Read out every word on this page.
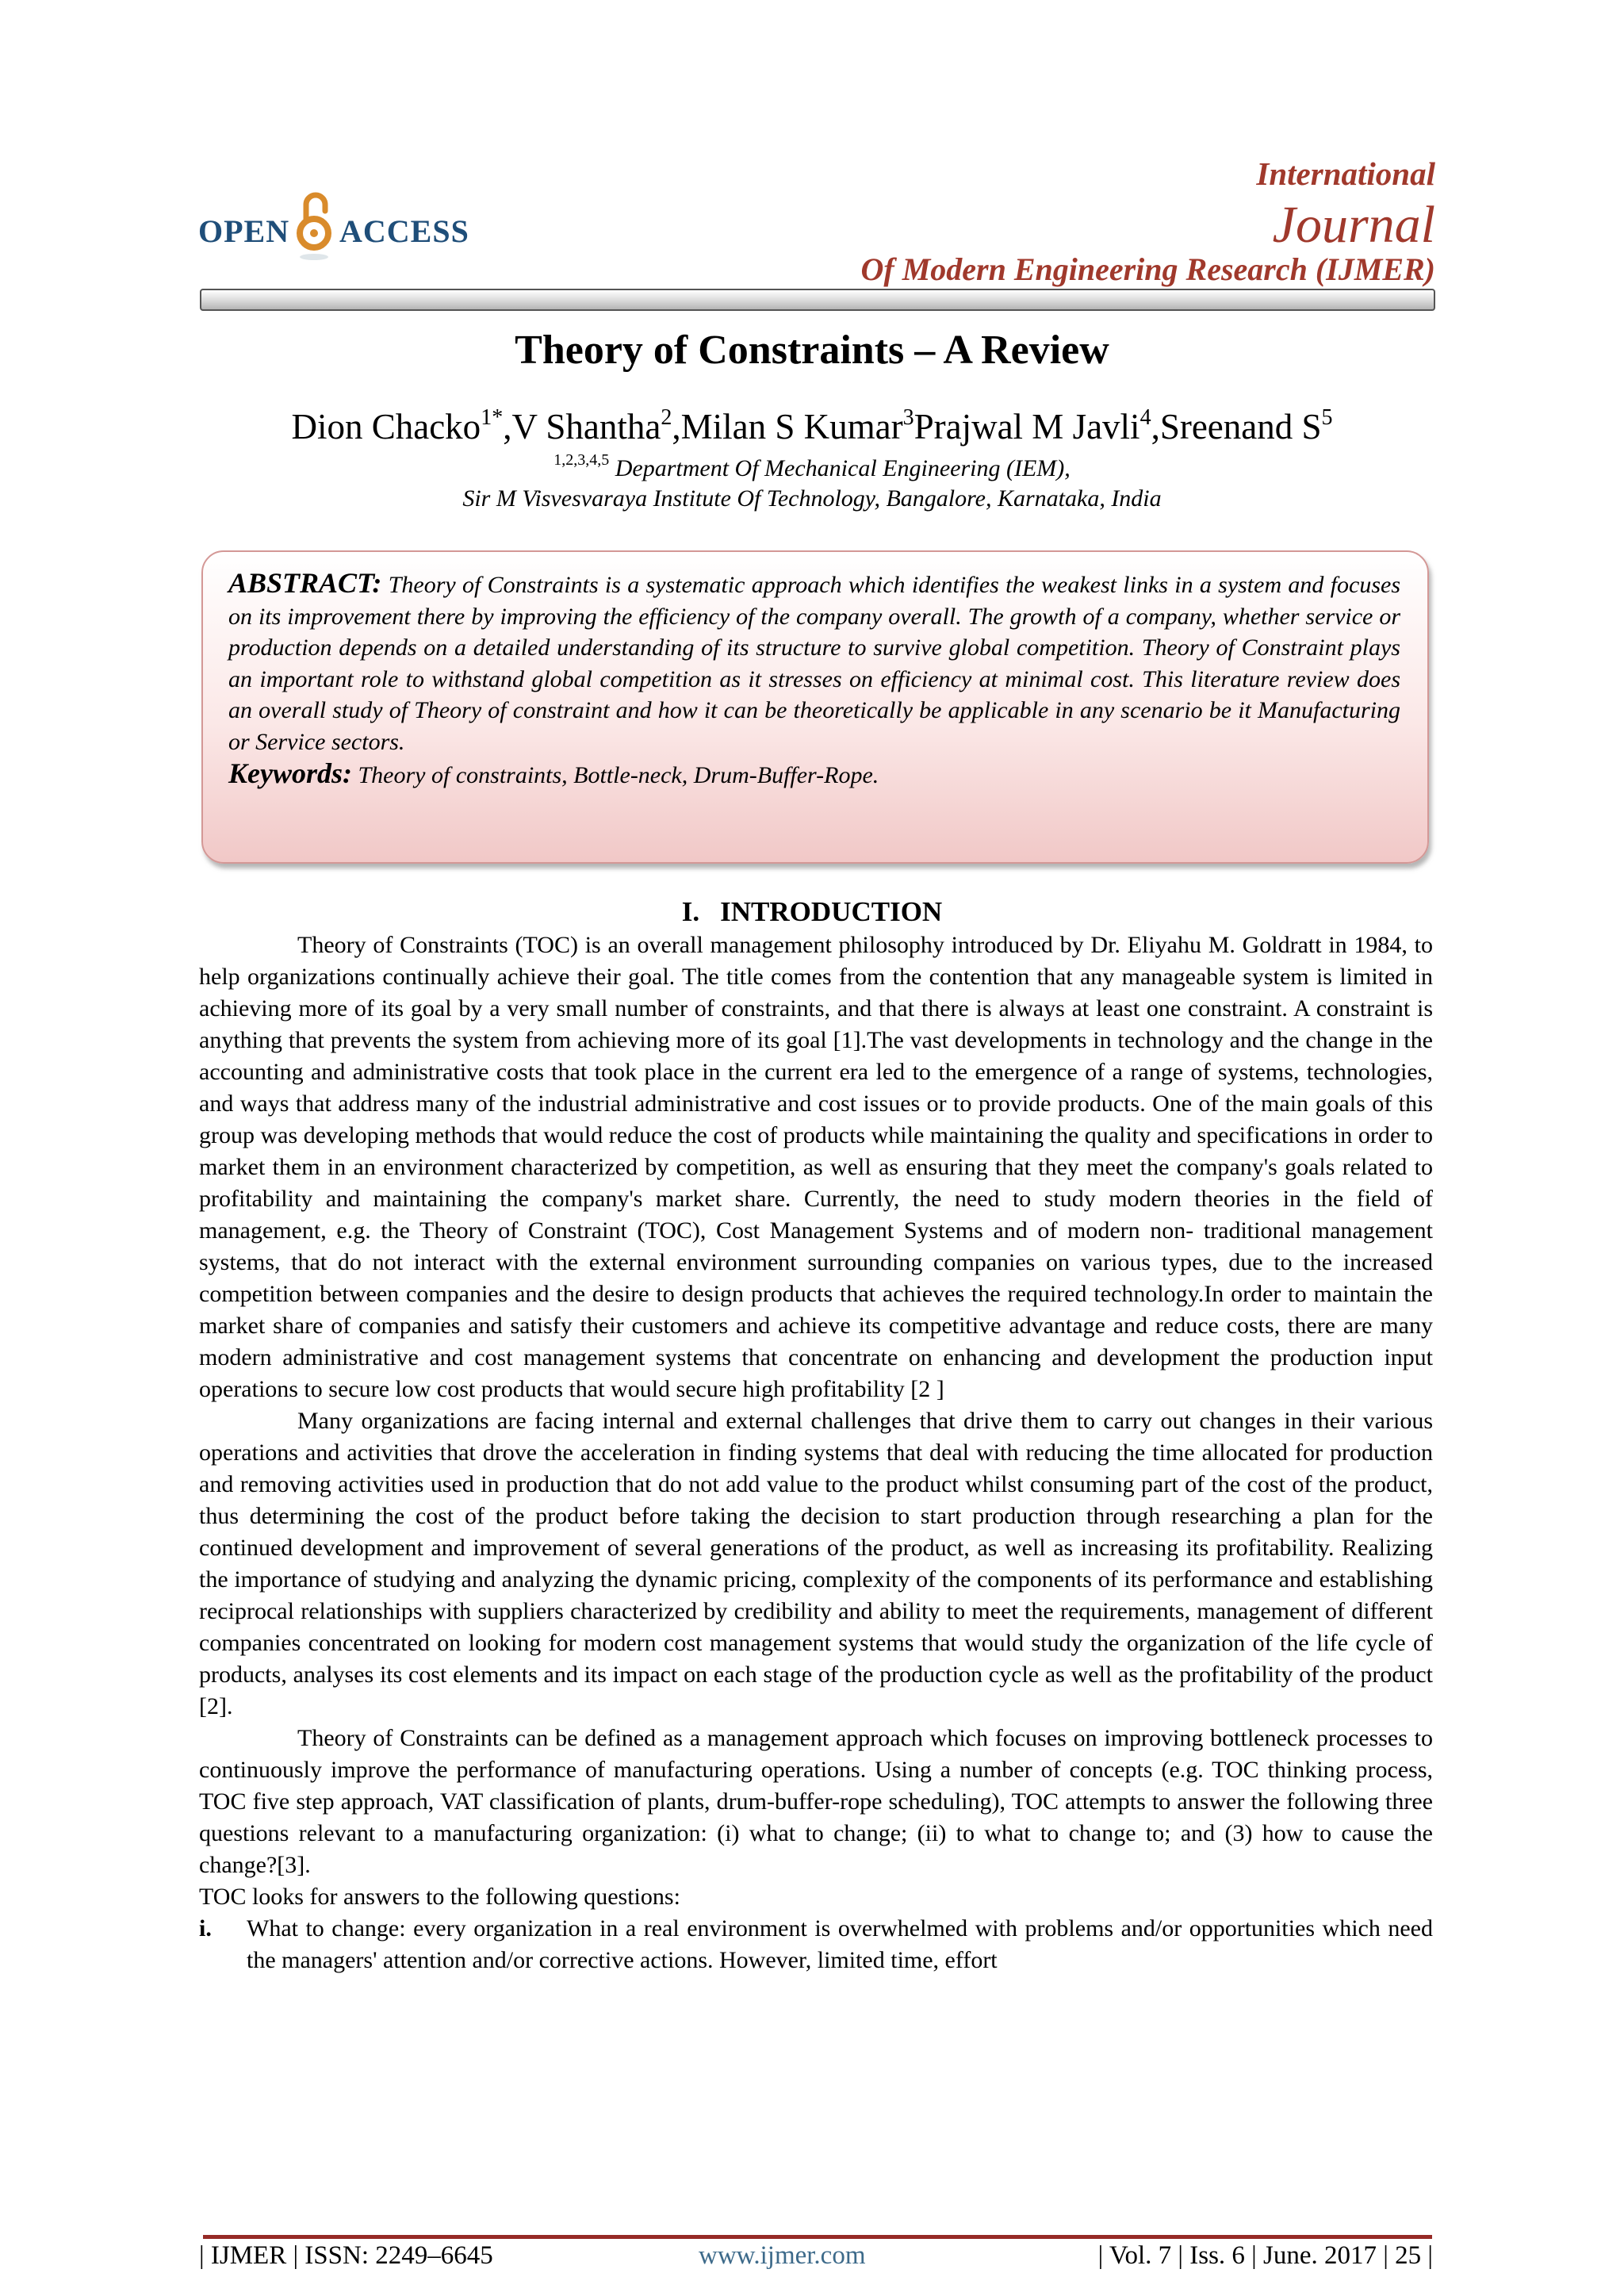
OPEN ACCESS
International
Journal
Of Modern Engineering Research (IJMER)
Theory of Constraints – A Review
Dion Chacko$^{1*}$,V Shantha$^2$,Milan S Kumar$^3$Prajwal M Javli$^4$,Sreenand $S^5$
$^{1,2,3,4,5}$ Department Of Mechanical Engineering (IEM),
Sir M Visvesvaraya Institute Of Technology, Bangalore, Karnataka, India

ABSTRACT: Theory of Constraints is a systematic approach which identifies the weakest links in a system and focuses on its improvement there by improving the efficiency of the company overall. The growth of a company, whether service or production depends on a detailed understanding of its structure to survive global competition. Theory of Constraint plays an important role to withstand global competition as it stresses on efficiency at minimal cost. This literature review does an overall study of Theory of constraint and how it can be theoretically be applicable in any scenario be it Manufacturing or Service sectors.

Keywords: Theory of constraints, Bottle-neck, Drum-Buffer-Rope.

I. INTRODUCTION

Theory of Constraints (TOC) is an overall management philosophy introduced by Dr. Eliyahu M. Goldratt in 1984, to help organizations continually achieve their goal. The title comes from the contention that any manageable system is limited in achieving more of its goal by a very small number of constraints, and that there is always at least one constraint. A constraint is anything that prevents the system from achieving more of its goal [1].The vast developments in technology and the change in the accounting and administrative costs that took place in the current era led to the emergence of a range of systems, technologies, and ways that address many of the industrial administrative and cost issues or to provide products. One of the main goals of this group was developing methods that would reduce the cost of products while maintaining the quality and specifications in order to market them in an environment characterized by competition, as well as ensuring that they meet the company's goals related to profitability and maintaining the company's market share. Currently, the need to study modern theories in the field of management, e.g. the Theory of Constraint (TOC), Cost Management Systems and of modern non- traditional management systems, that do not interact with the external environment surrounding companies on various types, due to the increased competition between companies and the desire to design products that achieves the required technology.In order to maintain the market share of companies and satisfy their customers and achieve its competitive advantage and reduce costs, there are many modern administrative and cost management systems that concentrate on enhancing and development the production input operations to secure low cost products that would secure high profitability [2 ]

Many organizations are facing internal and external challenges that drive them to carry out changes in their various operations and activities that drove the acceleration in finding systems that deal with reducing the time allocated for production and removing activities used in production that do not add value to the product whilst consuming part of the cost of the product, thus determining the cost of the product before taking the decision to start production through researching a plan for the continued development and improvement of several generations of the product, as well as increasing its profitability. Realizing the importance of studying and analyzing the dynamic pricing, complexity of the components of its performance and establishing reciprocal relationships with suppliers characterized by credibility and ability to meet the requirements, management of different companies concentrated on looking for modern cost management systems that would study the organization of the life cycle of products, analyses its cost elements and its impact on each stage of the production cycle as well as the profitability of the product [2].

Theory of Constraints can be defined as a management approach which focuses on improving bottleneck processes to continuously improve the performance of manufacturing operations. Using a number of concepts (e.g. TOC thinking process, TOC five step approach, VAT classification of plants, drum-buffer-rope scheduling), TOC attempts to answer the following three questions relevant to a manufacturing organization: (i) what to change; (ii) to what to change to; and (3) how to cause the change?[3].

TOC looks for answers to the following questions:

i. What to change: every organization in a real environment is overwhelmed with problems and/or opportunities which need the managers' attention and/or corrective actions. However, limited time, effort
| IJMER | ISSN: 2249–6645	www.ijmer.com	| Vol. 7 | Iss. 6 | June. 2017 | 25 |
